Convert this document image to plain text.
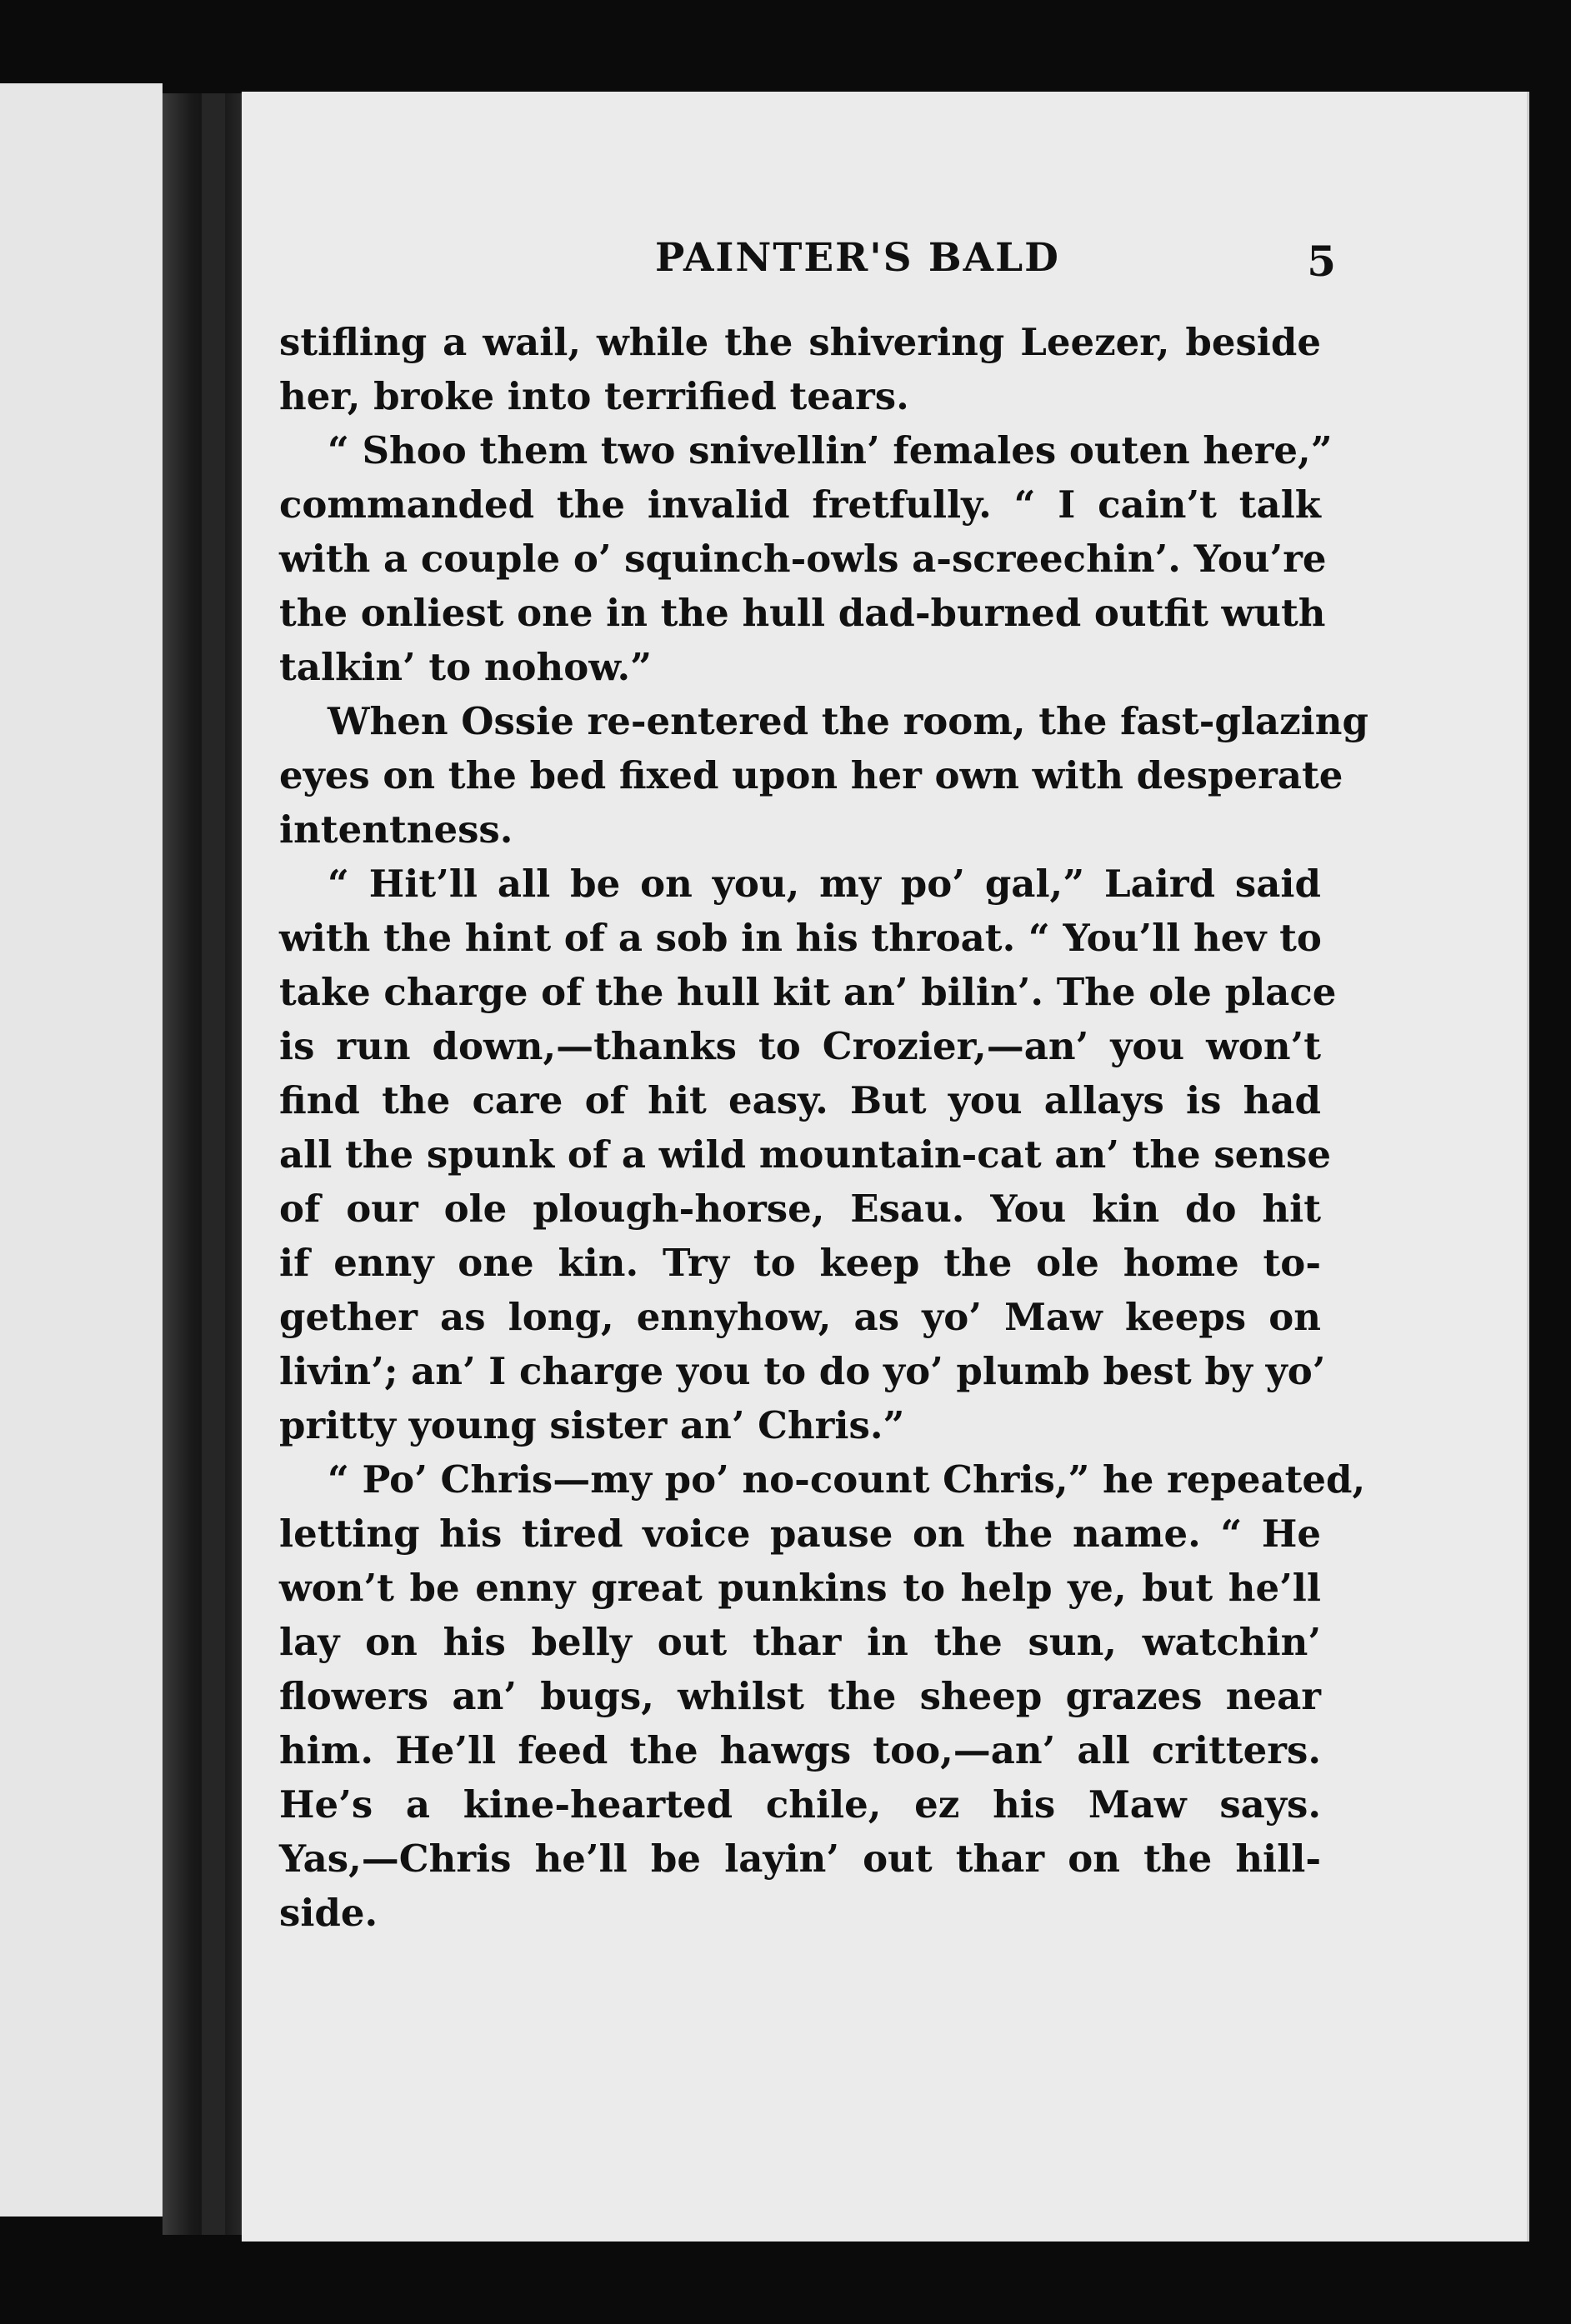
PAINTER'S BALD	5
stifling a wail, while the shivering Leezer, beside
her, broke into terrified tears.
“ Shoo them two snivellin’ females outen here,”
commanded the invalid fretfully. “ I cain’t talk
with a couple o’ squinch-owls a-screechin’. You’re
the onliest one in the hull dad-burned outfit wuth
talkin’ to nohow.”
When Ossie re-entered the room, the fast-glazing
eyes on the bed fixed upon her own with desperate
intentness.
“ Hit’ll all be on you, my po’ gal,” Laird said
with the hint of a sob in his throat. “ You’ll hev to
take charge of the hull kit an’ bilin’. The ole place
is run down,—thanks to Crozier,—an’ you won’t
find the care of hit easy. But you allays is had
all the spunk of a wild mountain-cat an’ the sense
of our ole plough-horse, Esau. You kin do hit
if enny one kin. Try to keep the ole home to-
gether as long, ennyhow, as yo’ Maw keeps on
livin’; an’ I charge you to do yo’ plumb best by yo’
pritty young sister an’ Chris.”
“ Po’ Chris—my po’ no-count Chris,” he repeated,
letting his tired voice pause on the name. “ He
won’t be enny great punkins to help ye, but he’ll
lay on his belly out thar in the sun, watchin’
flowers an’ bugs, whilst the sheep grazes near
him. He’ll feed the hawgs too,—an’ all critters.
He’s a kine-hearted chile, ez his Maw says.
Yas,—Chris he’ll be layin’ out thar on the hill-
side.
